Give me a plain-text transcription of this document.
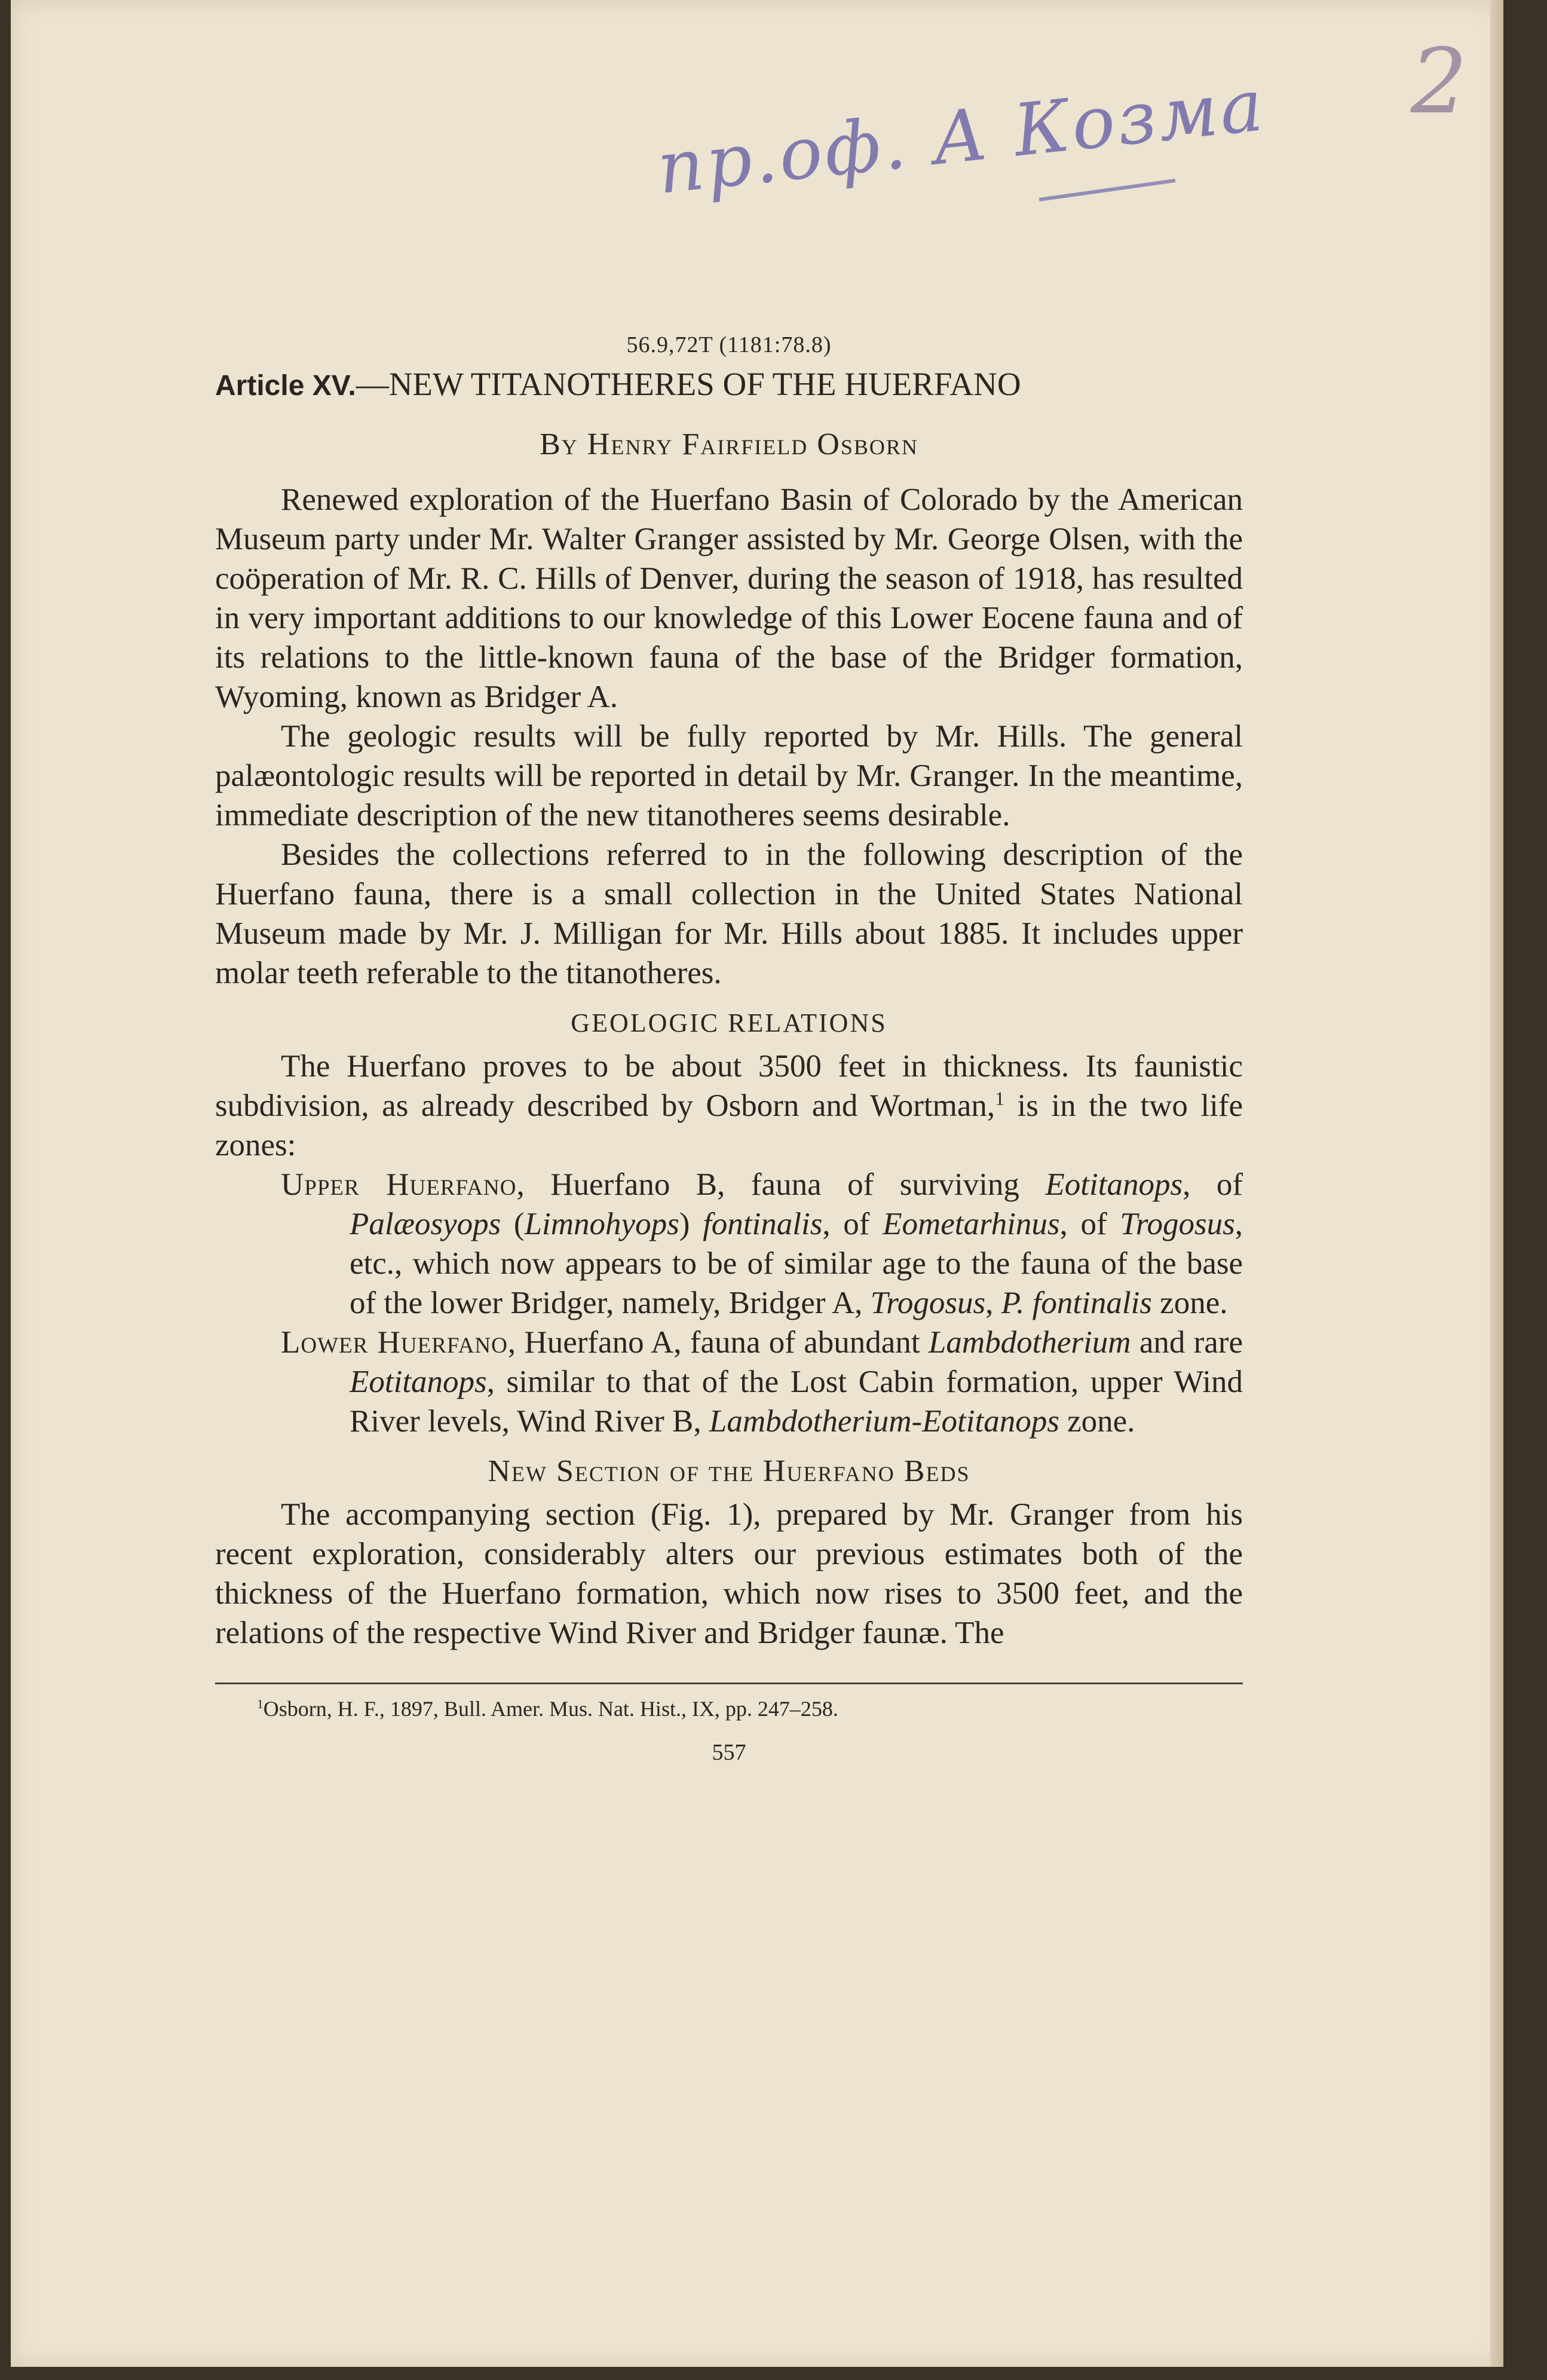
пр.оф. А Козма 2

56.9,72T (1181:78.8)

Article XV.—NEW TITANOTHERES OF THE HUERFANO

By Henry Fairfield Osborn

Renewed exploration of the Huerfano Basin of Colorado by the American Museum party under Mr. Walter Granger assisted by Mr. George Olsen, with the coöperation of Mr. R. C. Hills of Denver, during the season of 1918, has resulted in very important additions to our knowledge of this Lower Eocene fauna and of its relations to the little-known fauna of the base of the Bridger formation, Wyoming, known as Bridger A.

The geologic results will be fully reported by Mr. Hills. The general palæontologic results will be reported in detail by Mr. Granger. In the meantime, immediate description of the new titanotheres seems desirable.

Besides the collections referred to in the following description of the Huerfano fauna, there is a small collection in the United States National Museum made by Mr. J. Milligan for Mr. Hills about 1885. It includes upper molar teeth referable to the titanotheres.

GEOLOGIC RELATIONS

The Huerfano proves to be about 3500 feet in thickness. Its faunistic subdivision, as already described by Osborn and Wortman,$^1$ is in the two life zones:

Upper Huerfano, Huerfano B, fauna of surviving Eotitanops, of Palæosyops (Limnohyops) fontinalis, of Eometarhinus, of Trogosus, etc., which now appears to be of similar age to the fauna of the base of the lower Bridger, namely, Bridger A, Trogosus, P. fontinalis zone.

Lower Huerfano, Huerfano A, fauna of abundant Lambdotherium and rare Eotitanops, similar to that of the Lost Cabin formation, upper Wind River levels, Wind River B, Lambdotherium-Eotitanops zone.

New Section of the Huerfano Beds

The accompanying section (Fig. 1), prepared by Mr. Granger from his recent exploration, considerably alters our previous estimates both of the thickness of the Huerfano formation, which now rises to 3500 feet, and the relations of the respective Wind River and Bridger faunæ. The

$^1$Osborn, H. F., 1897, Bull. Amer. Mus. Nat. Hist., IX, pp. 247–258.

557
